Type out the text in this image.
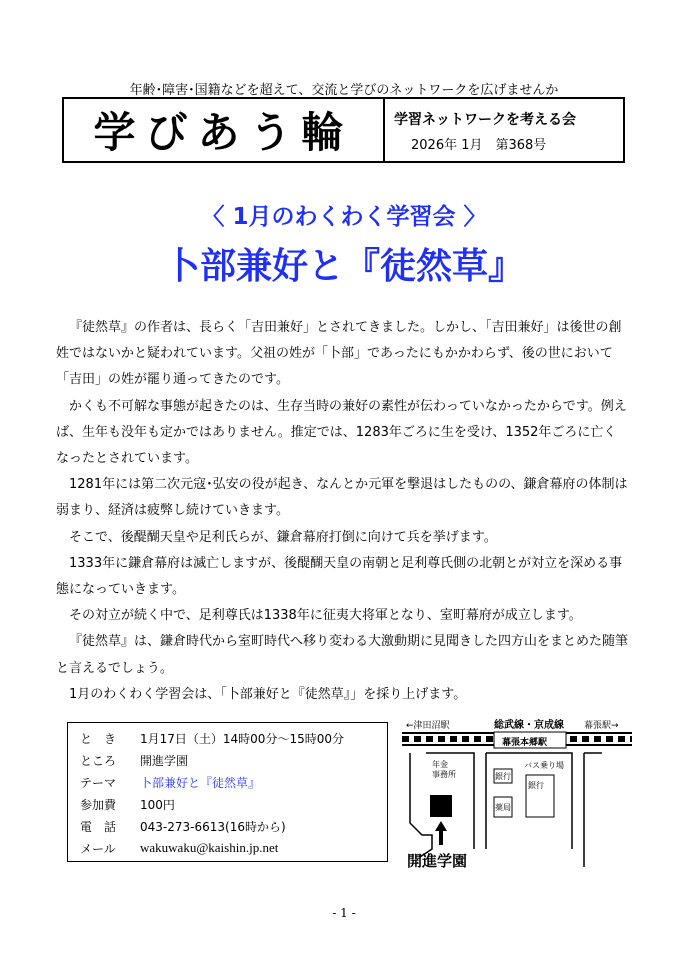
年齢･障害･国籍などを超えて、交流と学びのネットワークを広げませんか
学びあう輪	学習ネットワークを考える会
2026年 1月　第368号
〈 1月のわくわく学習会 〉
卜部兼好と『徒然草』

『徒然草』の作者は、長らく「吉田兼好」とされてきました。しかし、「吉田兼好」は後世の創姓ではないかと疑われています。父祖の姓が「卜部」であったにもかかわらず、後の世において「吉田」の姓が罷り通ってきたのです。

かくも不可解な事態が起きたのは、生存当時の兼好の素性が伝わっていなかったからです。例えば、生年も没年も定かではありません。推定では、1283年ごろに生を受け、1352年ごろに亡くなったとされています。

1281年には第二次元寇･弘安の役が起き、なんとか元軍を撃退はしたものの、鎌倉幕府の体制は弱まり、経済は疲弊し続けていきます。

そこで、後醍醐天皇や足利氏らが、鎌倉幕府打倒に向けて兵を挙げます。

1333年に鎌倉幕府は滅亡しますが、後醍醐天皇の南朝と足利尊氏側の北朝とが対立を深める事態になっていきます。

その対立が続く中で、足利尊氏は1338年に征夷大将軍となり、室町幕府が成立します。

『徒然草』は、鎌倉時代から室町時代へ移り変わる大激動期に見聞きした四方山をまとめた随筆と言えるでしょう。

1月のわくわく学習会は、「卜部兼好と『徒然草』」を採り上げます。

と　き	1月17日（土）14時00分～15時00分
ところ	開進学園
テーマ	卜部兼好と『徒然草』
参加費	100円
電　話	043-273-6613(16時から)
メール	wakuwaku@kaishin.jp.net
←津田沼駅	総武線・京成線 幕張駅→
幕張本郷駅
年金
事務所	銀行
バス乗り場
銀行
薬局
開進学園
- 1 -
